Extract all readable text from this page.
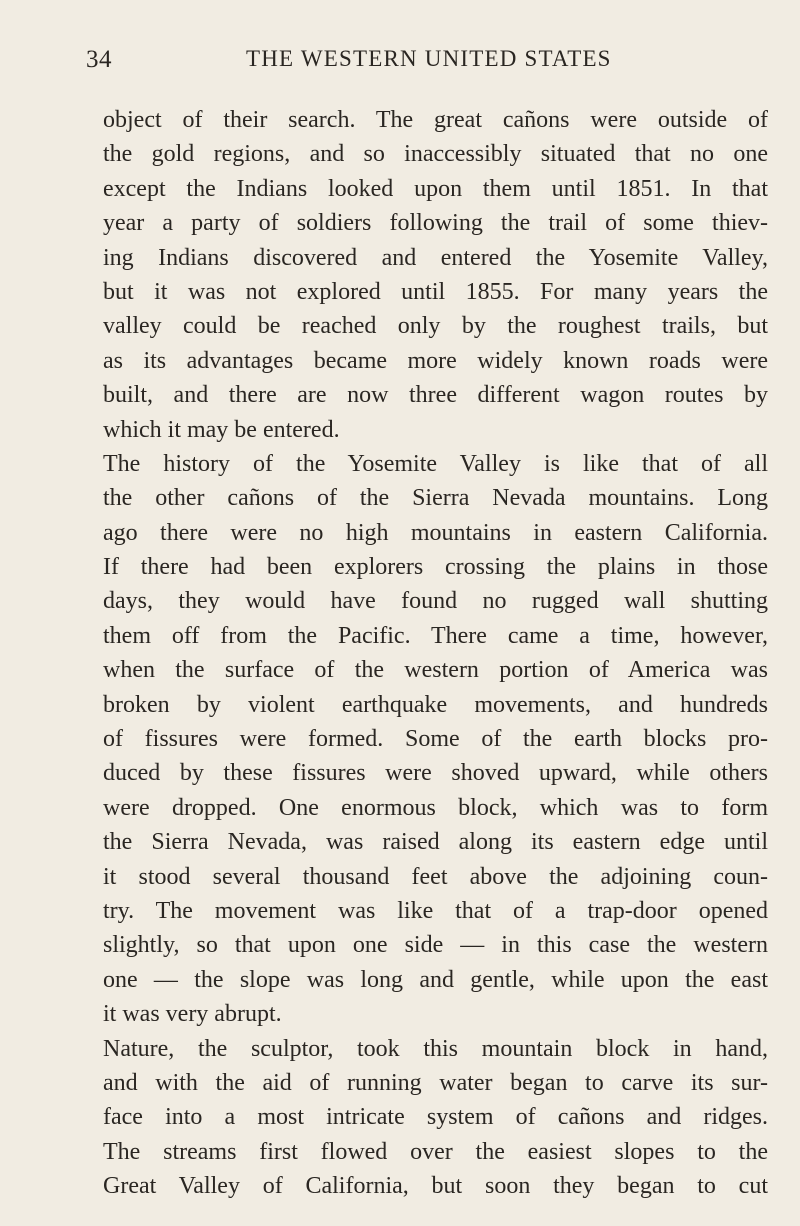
34	THE WESTERN UNITED STATES
object of their search. The great cañons were outside of
the gold regions, and so inaccessibly situated that no one
except the Indians looked upon them until 1851. In that
year a party of soldiers following the trail of some thiev-
ing Indians discovered and entered the Yosemite Valley,
but it was not explored until 1855. For many years the
valley could be reached only by the roughest trails, but
as its advantages became more widely known roads were
built, and there are now three different wagon routes by
which it may be entered.
The history of the Yosemite Valley is like that of all
the other cañons of the Sierra Nevada mountains. Long
ago there were no high mountains in eastern California.
If there had been explorers crossing the plains in those
days, they would have found no rugged wall shutting
them off from the Pacific. There came a time, however,
when the surface of the western portion of America was
broken by violent earthquake movements, and hundreds
of fissures were formed. Some of the earth blocks pro-
duced by these fissures were shoved upward, while others
were dropped. One enormous block, which was to form
the Sierra Nevada, was raised along its eastern edge until
it stood several thousand feet above the adjoining coun-
try. The movement was like that of a trap-door opened
slightly, so that upon one side — in this case the western
one — the slope was long and gentle, while upon the east
it was very abrupt.
Nature, the sculptor, took this mountain block in hand,
and with the aid of running water began to carve its sur-
face into a most intricate system of cañons and ridges.
The streams first flowed over the easiest slopes to the
Great Valley of California, but soon they began to cut
